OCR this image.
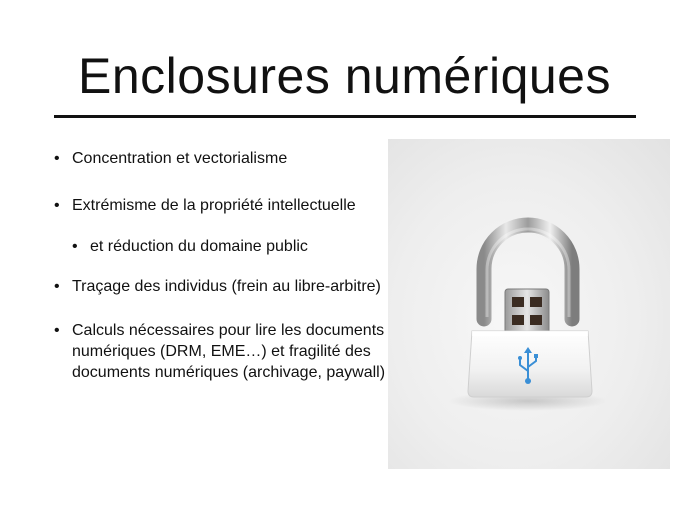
Enclosures numériques
• Concentration et vectorialisme
• Extrémisme de la propriété intellectuelle
• et réduction du domaine public
• Traçage des individus (frein au libre-arbitre)
• Calculs nécessaires pour lire les documents numériques (DRM, EME…) et fragilité des documents numériques (archivage, paywall)
